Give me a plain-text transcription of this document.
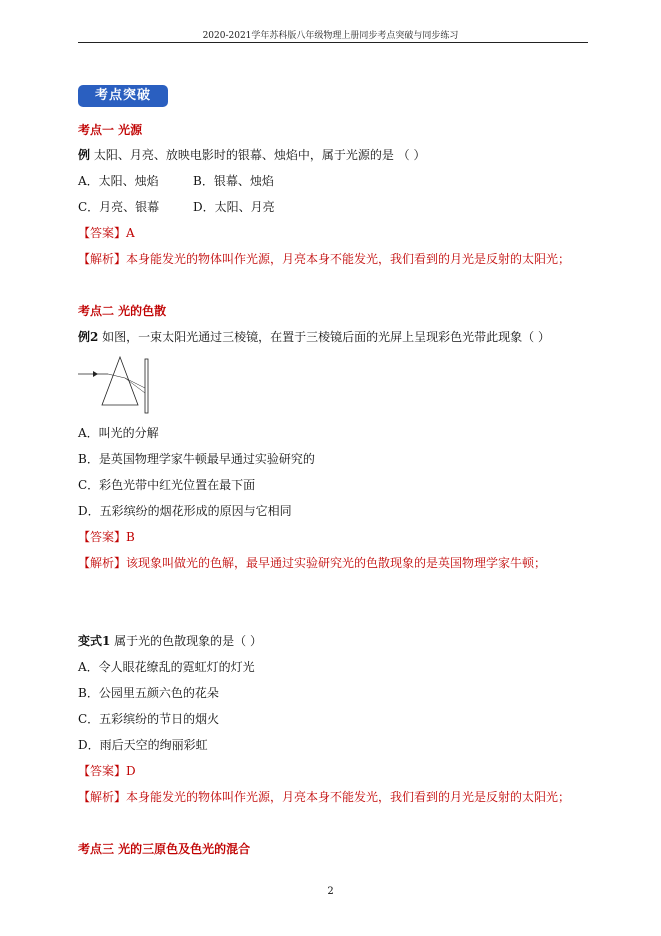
2020-2021学年苏科版八年级物理上册同步考点突破与同步练习
考点突破
考点一 光源
例 太阳、月亮、放映电影时的银幕、烛焰中，属于光源的是 （ ）
A．太阳、烛焰	B．银幕、烛焰
C．月亮、银幕	D．太阳、月亮
【答案】A
【解析】本身能发光的物体叫作光源，月亮本身不能发光，我们看到的月光是反射的太阳光；
考点二 光的色散
例2 如图，一束太阳光通过三棱镜，在置于三棱镜后面的光屏上呈现彩色光带此现象（ ）
A．叫光的分解
B．是英国物理学家牛顿最早通过实验研究的
C．彩色光带中红光位置在最下面
D．五彩缤纷的烟花形成的原因与它相同
【答案】B
【解析】该现象叫做光的色解，最早通过实验研究光的色散现象的是英国物理学家牛顿；
变式1 属于光的色散现象的是（ ）
A．令人眼花缭乱的霓虹灯的灯光
B．公园里五颜六色的花朵
C．五彩缤纷的节日的烟火
D．雨后天空的绚丽彩虹
【答案】D
【解析】本身能发光的物体叫作光源，月亮本身不能发光，我们看到的月光是反射的太阳光；
考点三 光的三原色及色光的混合
2
